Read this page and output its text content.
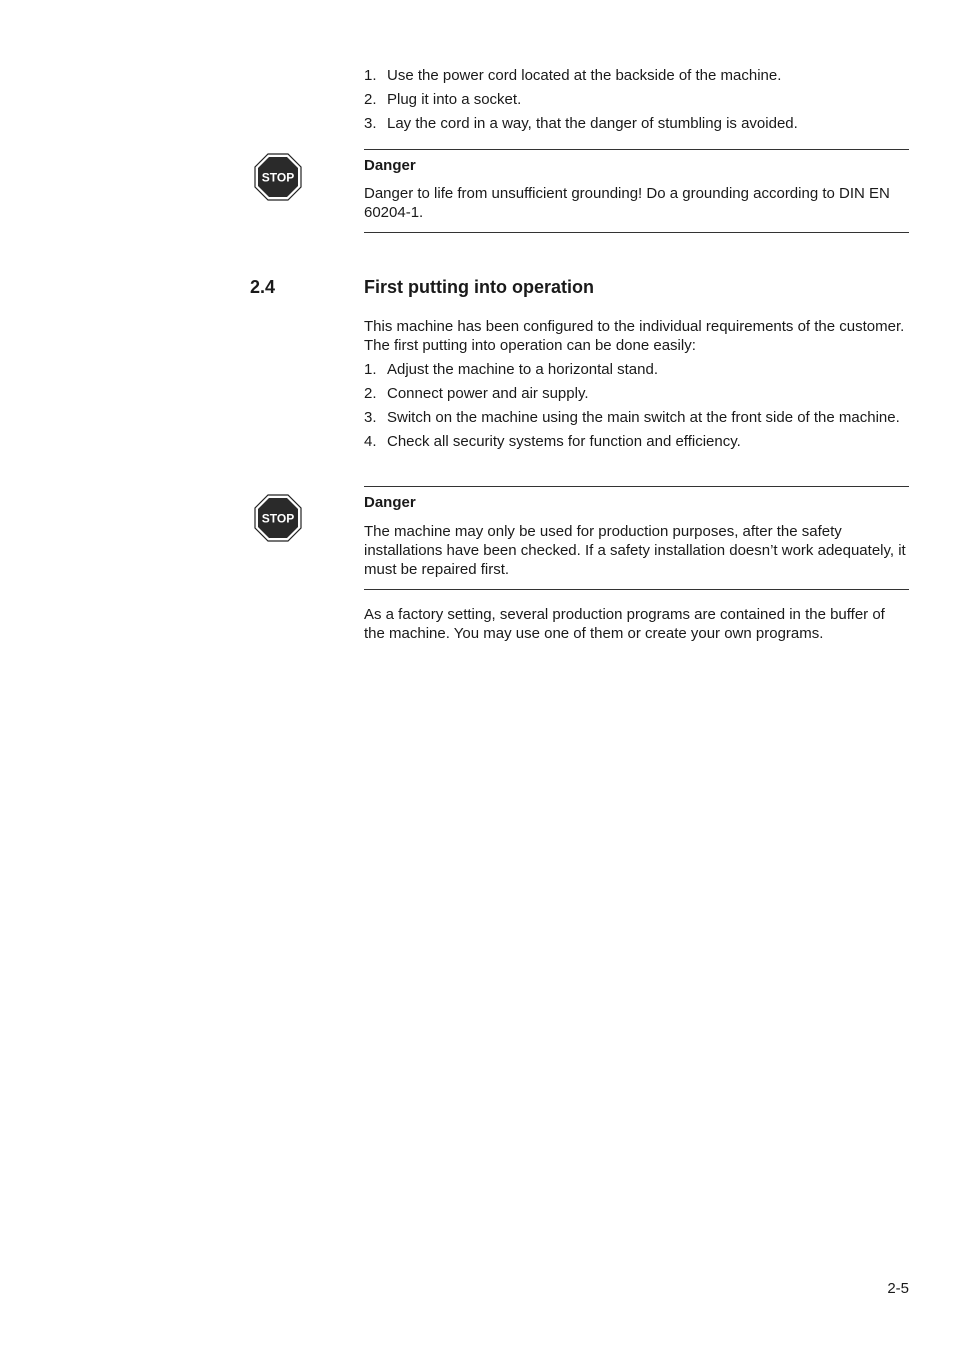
1. Use the power cord located at the backside of the machine.
2. Plug it into a socket.
3. Lay the cord in a way, that the danger of stumbling is avoided.
STOP
Danger
Danger to life from unsufficient grounding! Do a grounding according to DIN EN 60204-1.
2.4	First putting into operation
This machine has been configured to the individual requirements of the customer. The first putting into operation can be done easily:
1. Adjust the machine to a horizontal stand.
2. Connect power and air supply.
3. Switch on the machine using the main switch at the front side of the machine.
4. Check all security systems for function and efficiency.
STOP
Danger
The machine may only be used for production purposes, after the safety installations have been checked. If a safety installation doesn’t work adequately, it must be repaired first.
As a factory setting, several production programs are contained in the buffer of the machine. You may use one of them or create your own programs.
2-5
